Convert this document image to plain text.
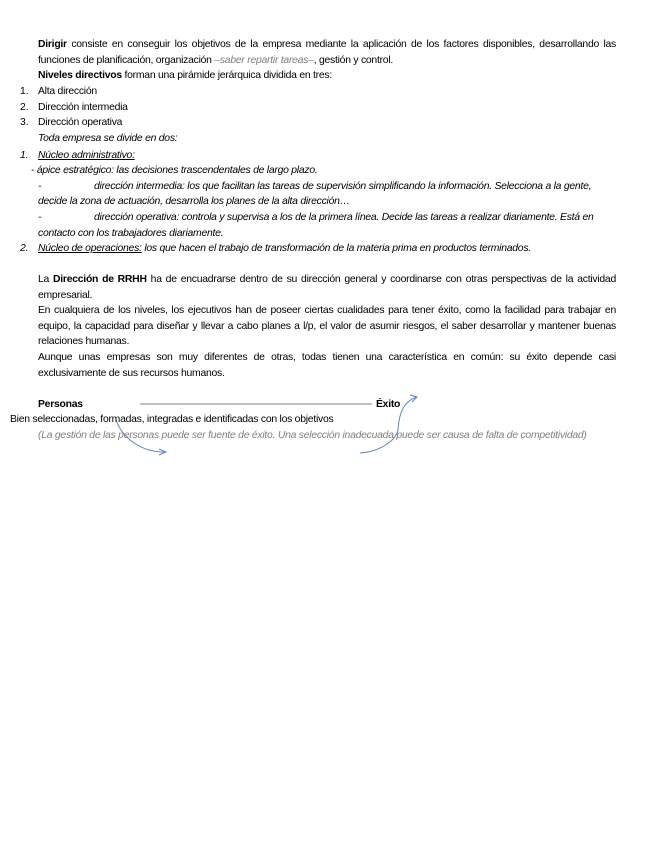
Dirigir consiste en conseguir los objetivos de la empresa mediante la aplicación de los factores disponibles, desarrollando las funciones de planificación, organización –saber repartir tareas–, gestión y control.
Niveles directivos forman una pirámide jerárquica dividida en tres:
1. Alta dirección
2. Dirección intermedia
3. Dirección operativa
Toda empresa se divide en dos:
1. Núcleo administrativo:
- ápice estratégico: las decisiones trascendentales de largo plazo.
-	dirección intermedia: los que facilitan las tareas de supervisión simplificando la información. Selecciona a la gente,
decide la zona de actuación, desarrolla los planes de la alta dirección…
-	dirección operativa: controla y supervisa a los de la primera línea. Decide las tareas a realizar diariamente. Está en
contacto con los trabajadores diariamente.
2. Núcleo de operaciones: los que hacen el trabajo de transformación de la materia prima en productos terminados.
La Dirección de RRHH ha de encuadrarse dentro de su dirección general y coordinarse con otras perspectivas de la actividad empresarial.
En cualquiera de los niveles, los ejecutivos han de poseer ciertas cualidades para tener éxito, como la facilidad para trabajar en equipo, la capacidad para diseñar y llevar a cabo planes a l/p, el valor de asumir riesgos, el saber desarrollar y mantener buenas relaciones humanas.
Aunque unas empresas son muy diferentes de otras, todas tienen una característica en común: su éxito depende casi exclusivamente de sus recursos humanos.
Personas	Éxito
Bien seleccionadas, formadas, integradas e identificadas con los objetivos
(La gestión de las personas puede ser fuente de éxito. Una selección inadecuada puede ser causa de falta de competitividad)
